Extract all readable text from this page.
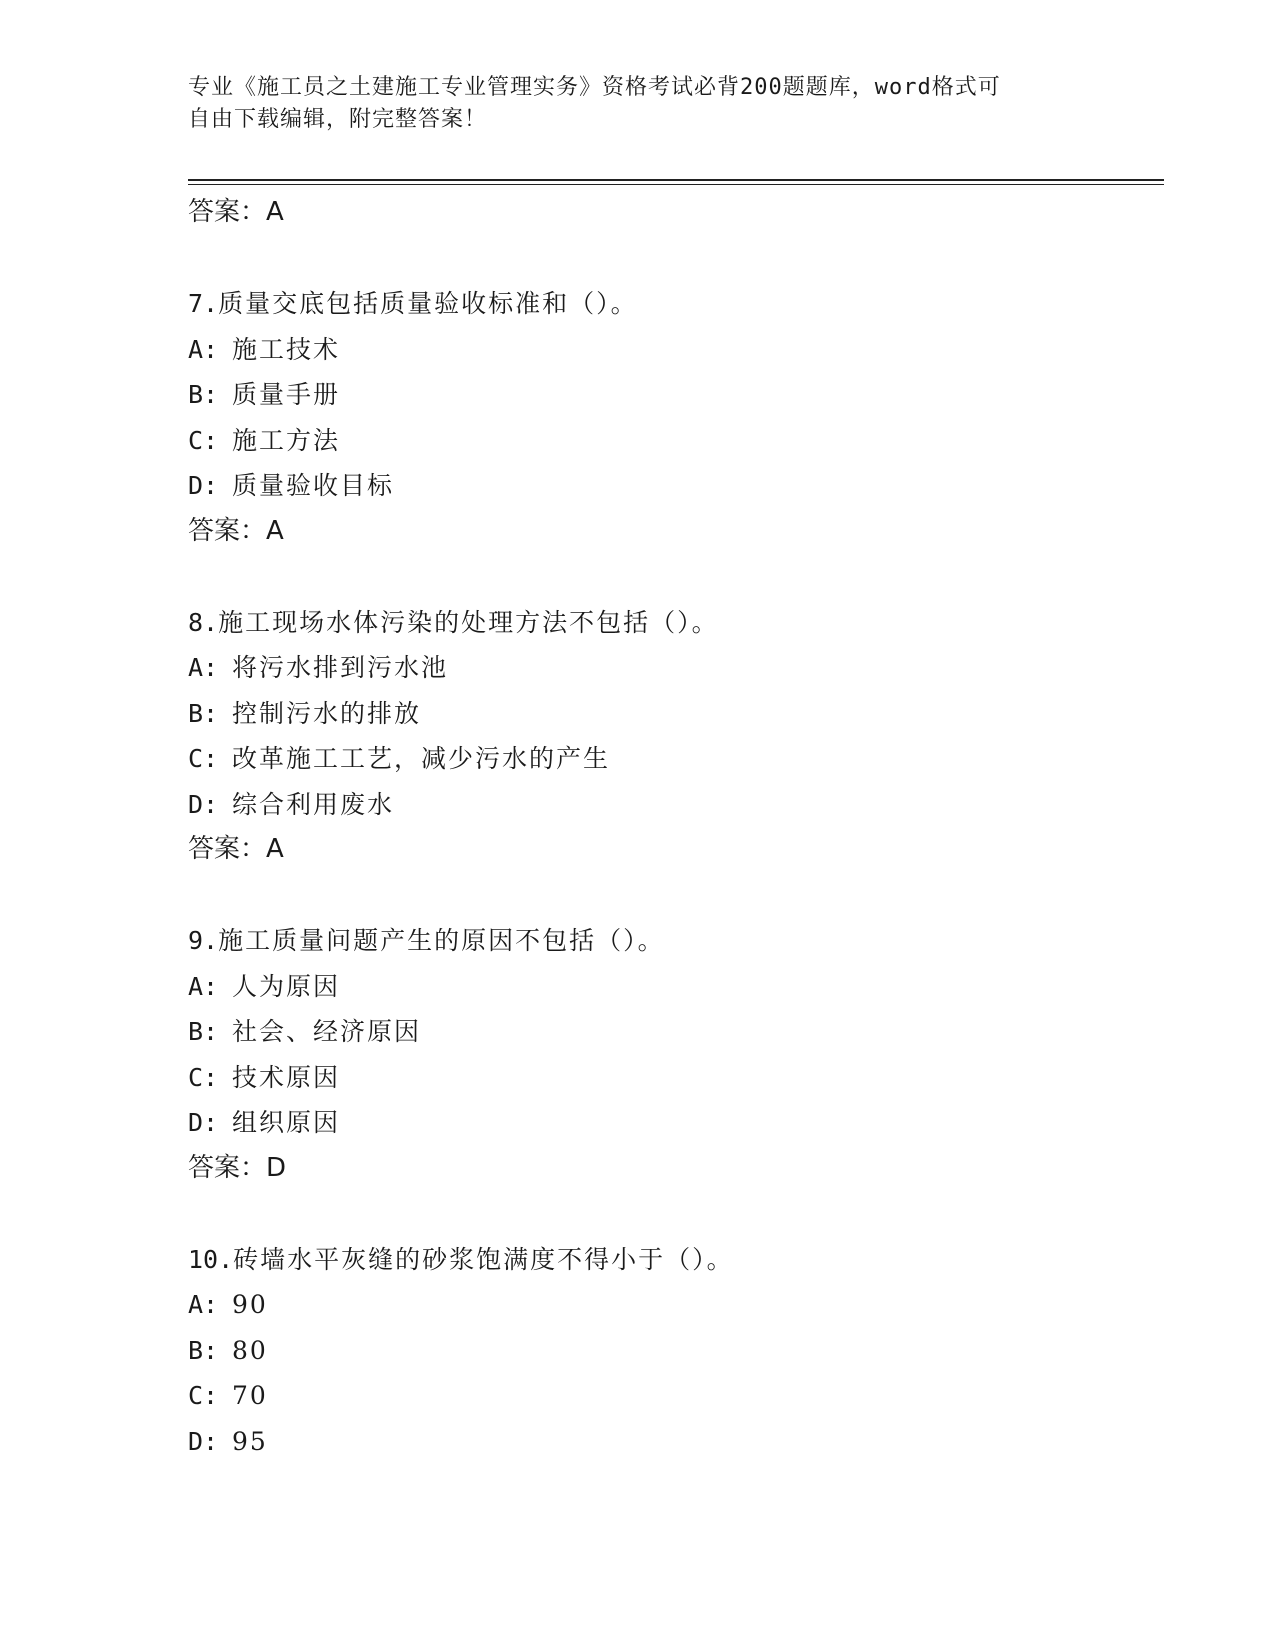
专业《施工员之土建施工专业管理实务》资格考试必背200题题库，word格式可
自由下载编辑，附完整答案！
答案：A
7.质量交底包括质量验收标准和（）。
A: 施工技术
B: 质量手册
C: 施工方法
D: 质量验收目标
答案：A
8.施工现场水体污染的处理方法不包括（）。
A: 将污水排到污水池
B: 控制污水的排放
C: 改革施工工艺，减少污水的产生
D: 综合利用废水
答案：A
9.施工质量问题产生的原因不包括（）。
A: 人为原因
B: 社会、经济原因
C: 技术原因
D: 组织原因
答案：D
10.砖墙水平灰缝的砂浆饱满度不得小于（）。
A: 90
B: 80
C: 70
D: 95
